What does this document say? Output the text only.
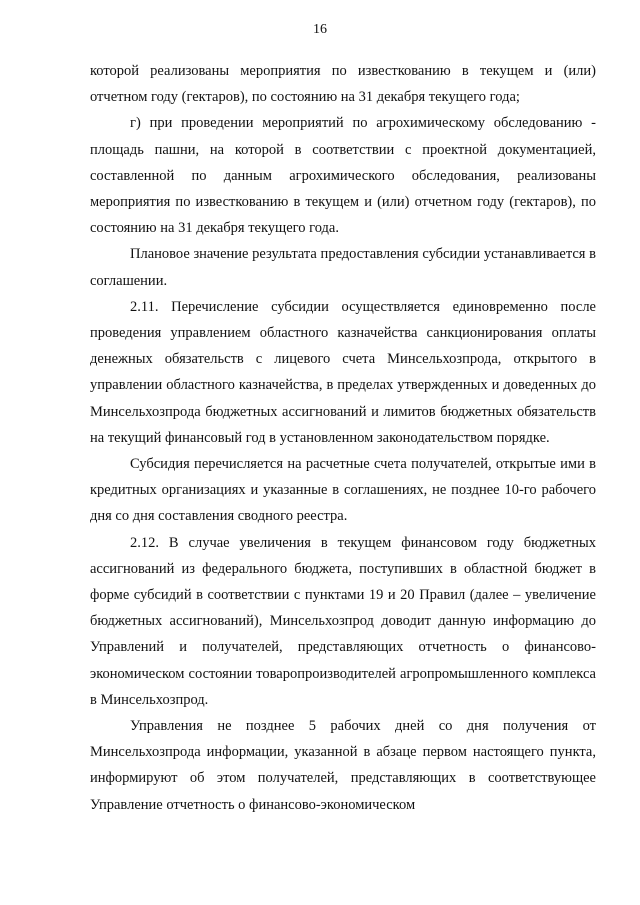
16

которой реализованы мероприятия по известкованию в текущем и (или) отчетном году (гектаров), по состоянию на 31 декабря текущего года;

г) при проведении мероприятий по агрохимическому обследованию - площадь пашни, на которой в соответствии с проектной документацией, составленной по данным агрохимического обследования, реализованы мероприятия по известкованию в текущем и (или) отчетном году (гектаров), по состоянию на 31 декабря текущего года.

Плановое значение результата предоставления субсидии устанавливается в соглашении.

2.11. Перечисление субсидии осуществляется единовременно после проведения управлением областного казначейства санкционирования оплаты денежных обязательств с лицевого счета Минсельхозпрода, открытого в управлении областного казначейства, в пределах утвержденных и доведенных до Минсельхозпрода бюджетных ассигнований и лимитов бюджетных обязательств на текущий финансовый год в установленном законодательством порядке.

Субсидия перечисляется на расчетные счета получателей, открытые ими в кредитных организациях и указанные в соглашениях, не позднее 10-го рабочего дня со дня составления сводного реестра.

2.12. В случае увеличения в текущем финансовом году бюджетных ассигнований из федерального бюджета, поступивших в областной бюджет в форме субсидий в соответствии с пунктами 19 и 20 Правил (далее – увеличение бюджетных ассигнований), Минсельхозпрод доводит данную информацию до Управлений и получателей, представляющих отчетность о финансово-экономическом состоянии товаропроизводителей агропромышленного комплекса в Минсельхозпрод.

Управления не позднее 5 рабочих дней со дня получения от Минсельхозпрода информации, указанной в абзаце первом настоящего пункта, информируют об этом получателей, представляющих в соответствующее Управление отчетность о финансово-экономическом
